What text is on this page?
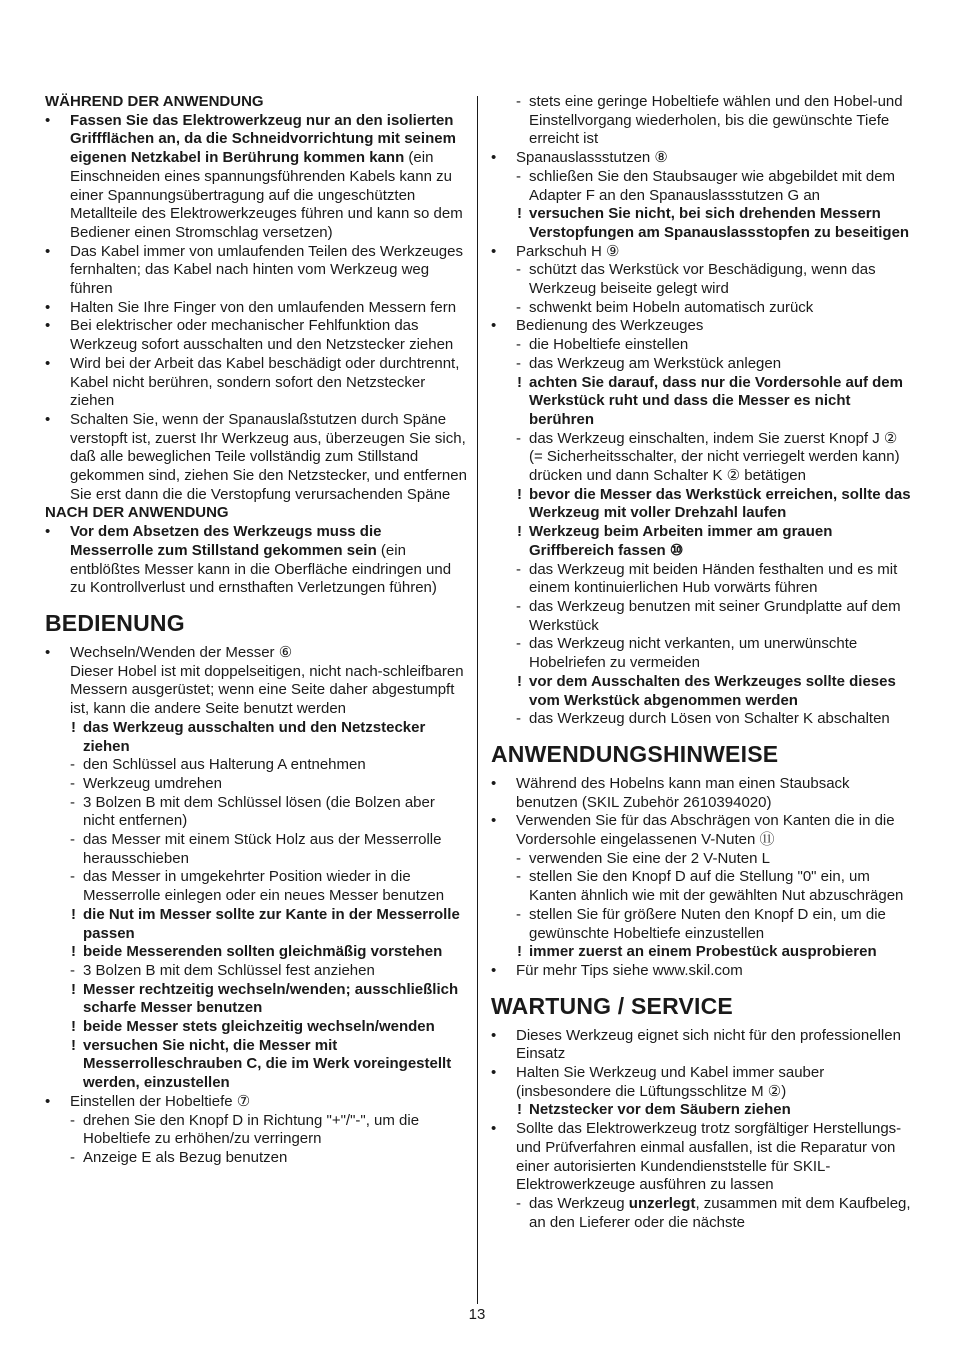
WÄHREND DER ANWENDUNG
• Fassen Sie das Elektrowerkzeug nur an den isolierten Griffflächen an, da die Schneidvorrichtung mit seinem eigenen Netzkabel in Berührung kommen kann (ein Einschneiden eines spannungsführenden Kabels kann zu einer Spannungsübertragung auf die ungeschützten Metallteile des Elektrowerkzeuges führen und kann so dem Bediener einen Stromschlag versetzen)
• Das Kabel immer von umlaufenden Teilen des Werkzeuges fernhalten; das Kabel nach hinten vom Werkzeug weg führen
• Halten Sie Ihre Finger von den umlaufenden Messern fern
• Bei elektrischer oder mechanischer Fehlfunktion das Werkzeug sofort ausschalten und den Netzstecker ziehen
• Wird bei der Arbeit das Kabel beschädigt oder durchtrennt, Kabel nicht berühren, sondern sofort den Netzstecker ziehen
• Schalten Sie, wenn der Spanauslaßstutzen durch Späne verstopft ist, zuerst Ihr Werkzeug aus, überzeugen Sie sich, daß alle beweglichen Teile vollständig zum Stillstand gekommen sind, ziehen Sie den Netzstecker, und entfernen Sie erst dann die die Verstopfung verursachenden Späne
NACH DER ANWENDUNG
• Vor dem Absetzen des Werkzeugs muss die Messerrolle zum Stillstand gekommen sein (ein entblößtes Messer kann in die Oberfläche eindringen und zu Kontrollverlust und ernsthaften Verletzungen führen)
BEDIENUNG
• Wechseln/Wenden der Messer ⑥
Dieser Hobel ist mit doppelseitigen, nicht nach-schleifbaren Messern ausgerüstet; wenn eine Seite daher abgestumpft ist, kann die andere Seite benutzt werden
! das Werkzeug ausschalten und den Netzstecker ziehen
- den Schlüssel aus Halterung A entnehmen
- Werkzeug umdrehen
- 3 Bolzen B mit dem Schlüssel lösen (die Bolzen aber nicht entfernen)
- das Messer mit einem Stück Holz aus der Messerrolle herausschieben
- das Messer in umgekehrter Position wieder in die Messerrolle einlegen oder ein neues Messer benutzen
! die Nut im Messer sollte zur Kante in der Messerrolle passen
! beide Messerenden sollten gleichmäßig vorstehen
- 3 Bolzen B mit dem Schlüssel fest anziehen
! Messer rechtzeitig wechseln/wenden; ausschließlich scharfe Messer benutzen
! beide Messer stets gleichzeitig wechseln/wenden
! versuchen Sie nicht, die Messer mit Messerrolleschrauben C, die im Werk voreingestellt werden, einzustellen
• Einstellen der Hobeltiefe ⑦
- drehen Sie den Knopf D in Richtung "+"/"-", um die Hobeltiefe zu erhöhen/zu verringern
- Anzeige E als Bezug benutzen
- stets eine geringe Hobeltiefe wählen und den Hobel-und Einstellvorgang wiederholen, bis die gewünschte Tiefe erreicht ist
• Spanauslassstutzen ⑧
- schließen Sie den Staubsauger wie abgebildet mit dem Adapter F an den Spanauslassstutzen G an
! versuchen Sie nicht, bei sich drehenden Messern Verstopfungen am Spanauslassstopfen zu beseitigen
• Parkschuh H ⑨
- schützt das Werkstück vor Beschädigung, wenn das Werkzeug beiseite gelegt wird
- schwenkt beim Hobeln automatisch zurück
• Bedienung des Werkzeuges
- die Hobeltiefe einstellen
- das Werkzeug am Werkstück anlegen
! achten Sie darauf, dass nur die Vordersohle auf dem Werkstück ruht und dass die Messer es nicht berühren
- das Werkzeug einschalten, indem Sie zuerst Knopf J ② (= Sicherheitsschalter, der nicht verriegelt werden kann) drücken und dann Schalter K ② betätigen
! bevor die Messer das Werkstück erreichen, sollte das Werkzeug mit voller Drehzahl laufen
! Werkzeug beim Arbeiten immer am grauen Griffbereich fassen ⑩
- das Werkzeug mit beiden Händen festhalten und es mit einem kontinuierlichen Hub vorwärts führen
- das Werkzeug benutzen mit seiner Grundplatte auf dem Werkstück
- das Werkzeug nicht verkanten, um unerwünschte Hobelriefen zu vermeiden
! vor dem Ausschalten des Werkzeuges sollte dieses vom Werkstück abgenommen werden
- das Werkzeug durch Lösen von Schalter K abschalten
ANWENDUNGSHINWEISE
• Während des Hobelns kann man einen Staubsack benutzen (SKIL Zubehör 2610394020)
• Verwenden Sie für das Abschrägen von Kanten die in die Vordersohle eingelassenen V-Nuten ⑪
- verwenden Sie eine der 2 V-Nuten L
- stellen Sie den Knopf D auf die Stellung "0" ein, um Kanten ähnlich wie mit der gewählten Nut abzuschrägen
- stellen Sie für größere Nuten den Knopf D ein, um die gewünschte Hobeltiefe einzustellen
! immer zuerst an einem Probestück ausprobieren
• Für mehr Tips siehe www.skil.com
WARTUNG / SERVICE
• Dieses Werkzeug eignet sich nicht für den professionellen Einsatz
• Halten Sie Werkzeug und Kabel immer sauber (insbesondere die Lüftungsschlitze M ②)
! Netzstecker vor dem Säubern ziehen
• Sollte das Elektrowerkzeug trotz sorgfältiger Herstellungs- und Prüfverfahren einmal ausfallen, ist die Reparatur von einer autorisierten Kundendienststelle für SKIL-Elektrowerkzeuge ausführen zu lassen
- das Werkzeug unzerlegt, zusammen mit dem Kaufbeleg, an den Lieferer oder die nächste
13
